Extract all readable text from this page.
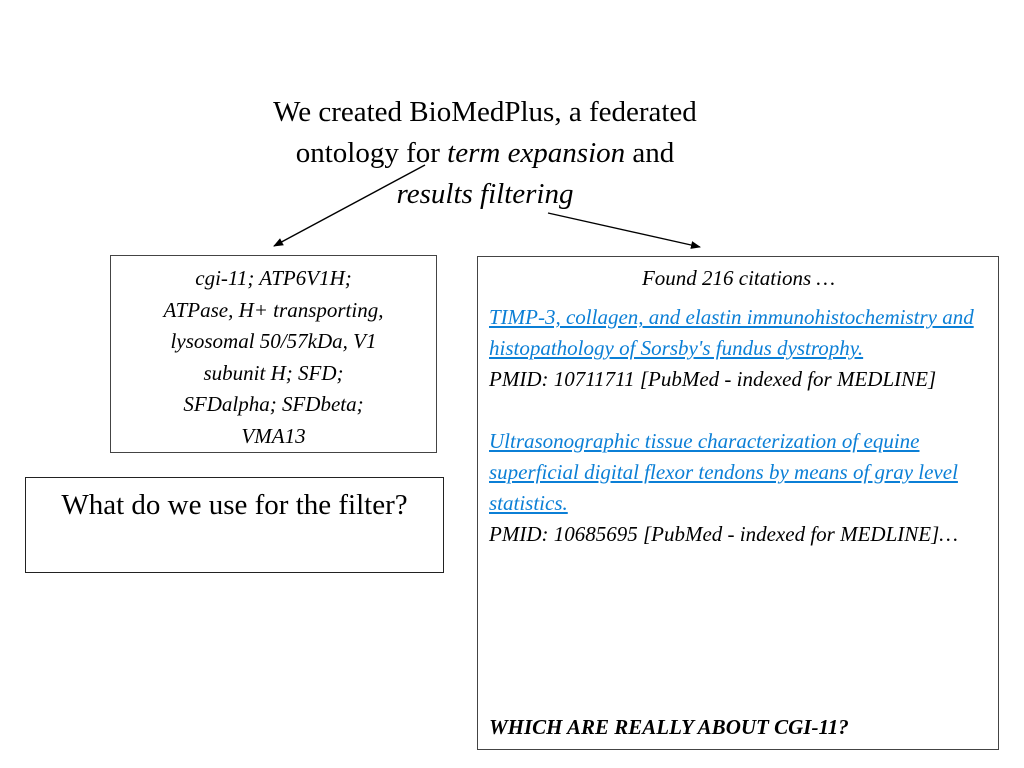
We created BioMedPlus, a federated
ontology for term expansion and
results filtering
cgi-11; ATP6V1H;
ATPase, H+ transporting,
lysosomal 50/57kDa, V1
subunit H; SFD;
SFDalpha; SFDbeta;
VMA13
What do we use for the filter?
Found 216 citations …
TIMP-3, collagen, and elastin immunohistochemistry and histopathology of Sorsby's fundus dystrophy.
PMID: 10711711 [PubMed - indexed for MEDLINE]
Ultrasonographic tissue characterization of equine superficial digital flexor tendons by means of gray level statistics.
PMID: 10685695 [PubMed - indexed for MEDLINE]…
WHICH ARE REALLY ABOUT CGI-11?
